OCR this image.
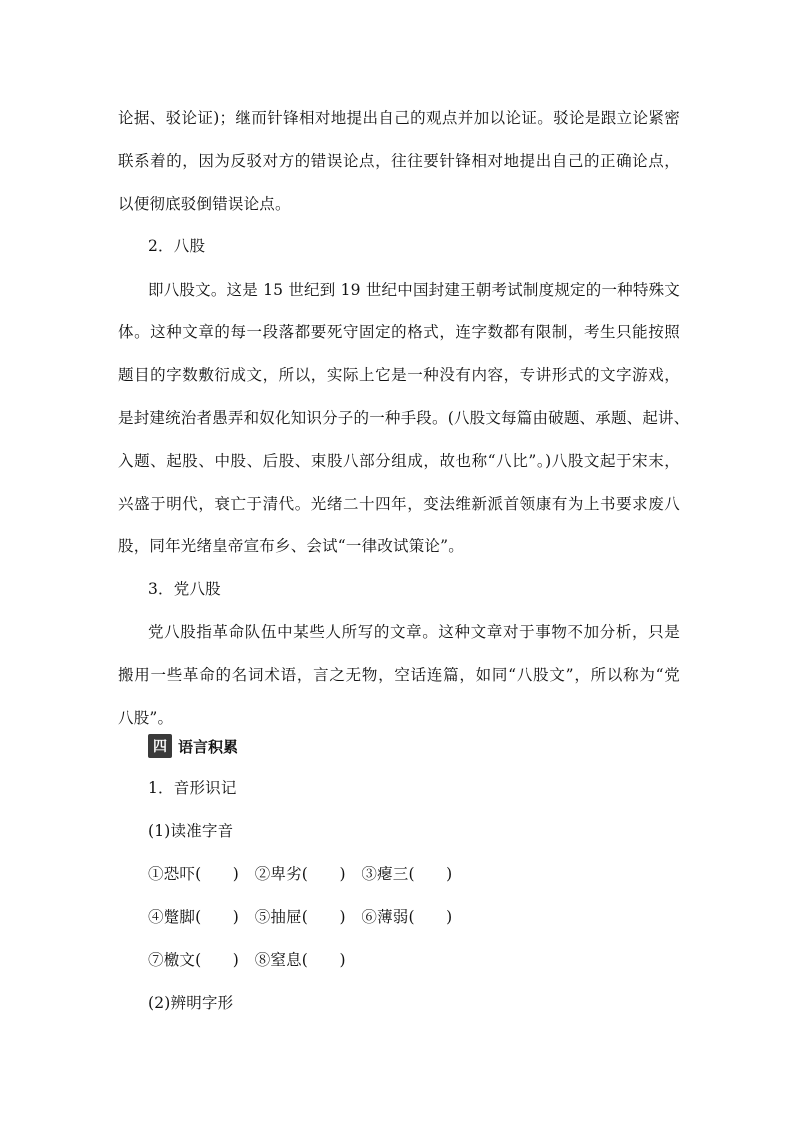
论据、驳论证)；继而针锋相对地提出自己的观点并加以论证。驳论是跟立论紧密
联系着的，因为反驳对方的错误论点，往往要针锋相对地提出自己的正确论点，
以便彻底驳倒错误论点。
2．八股
即八股文。这是 15 世纪到 19 世纪中国封建王朝考试制度规定的一种特殊文
体。这种文章的每一段落都要死守固定的格式，连字数都有限制，考生只能按照
题目的字数敷衍成文，所以，实际上它是一种没有内容，专讲形式的文字游戏，
是封建统治者愚弄和奴化知识分子的一种手段。(八股文每篇由破题、承题、起讲、
入题、起股、中股、后股、束股八部分组成，故也称“八比”。)八股文起于宋末，
兴盛于明代，衰亡于清代。光绪二十四年，变法维新派首领康有为上书要求废八
股，同年光绪皇帝宣布乡、会试“一律改试策论”。
3．党八股
党八股指革命队伍中某些人所写的文章。这种文章对于事物不加分析，只是
搬用一些革命的名词术语，言之无物，空话连篇，如同“八股文”，所以称为“党
八股”。
四 语言积累
1．音形识记
(1)读准字音
①恐吓(　　)　②卑劣(　　)　③瘪三(　　)
④蹩脚(　　)　⑤抽屉(　　)　⑥薄弱(　　)
⑦檄文(　　)　⑧窒息(　　)
(2)辨明字形
